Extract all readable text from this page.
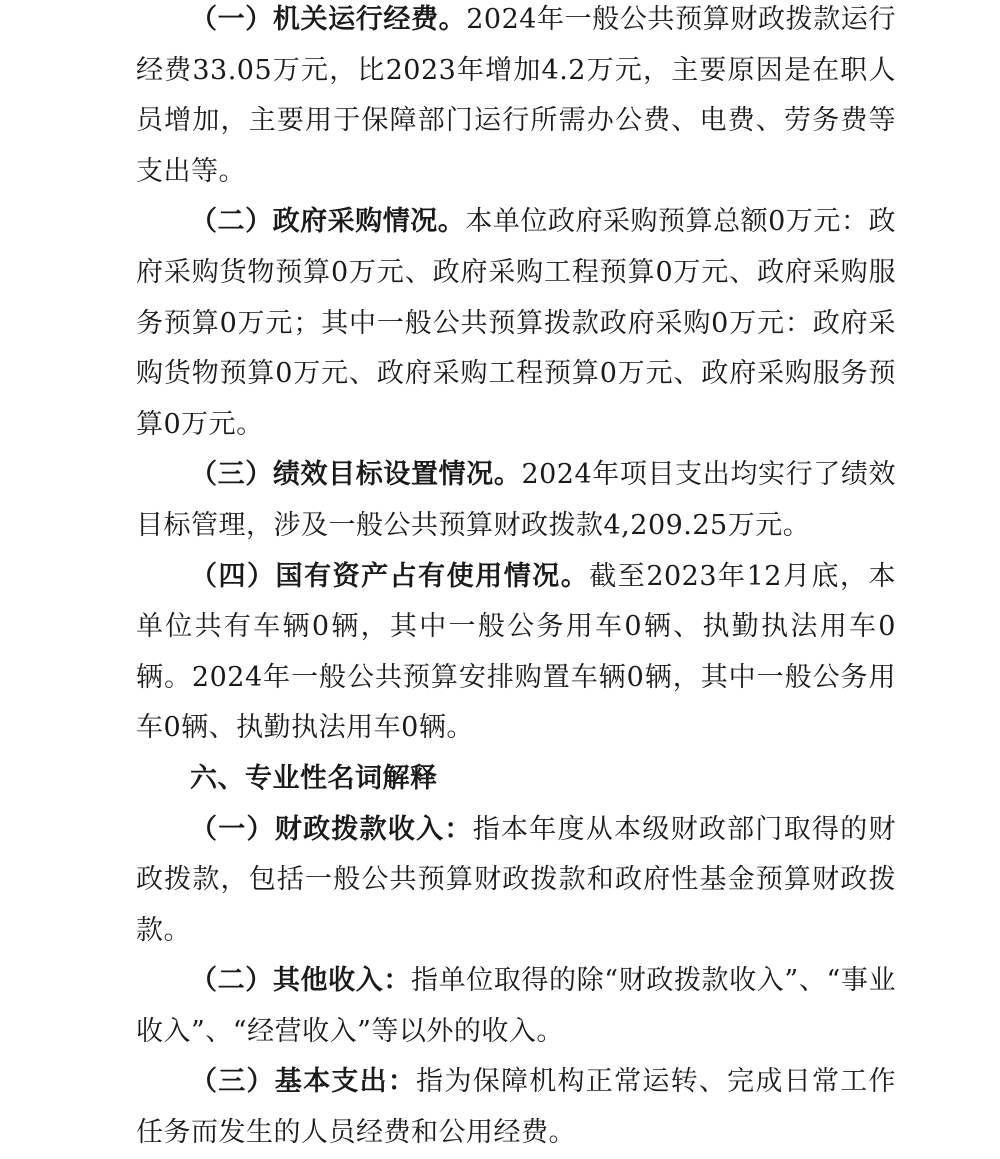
（一）机关运行经费。2024年一般公共预算财政拨款运行经费33.05万元，比2023年增加4.2万元，主要原因是在职人员增加，主要用于保障部门运行所需办公费、电费、劳务费等支出等。

（二）政府采购情况。本单位政府采购预算总额0万元：政府采购货物预算0万元、政府采购工程预算0万元、政府采购服务预算0万元；其中一般公共预算拨款政府采购0万元：政府采购货物预算0万元、政府采购工程预算0万元、政府采购服务预算0万元。

（三）绩效目标设置情况。2024年项目支出均实行了绩效目标管理，涉及一般公共预算财政拨款4,209.25万元。

（四）国有资产占有使用情况。截至2023年12月底，本单位共有车辆0辆，其中一般公务用车0辆、执勤执法用车0辆。2024年一般公共预算安排购置车辆0辆，其中一般公务用车0辆、执勤执法用车0辆。

六、专业性名词解释

（一）财政拨款收入：指本年度从本级财政部门取得的财政拨款，包括一般公共预算财政拨款和政府性基金预算财政拨款。

（二）其他收入：指单位取得的除“财政拨款收入”、“事业收入”、“经营收入”等以外的收入。

（三）基本支出：指为保障机构正常运转、完成日常工作任务而发生的人员经费和公用经费。
